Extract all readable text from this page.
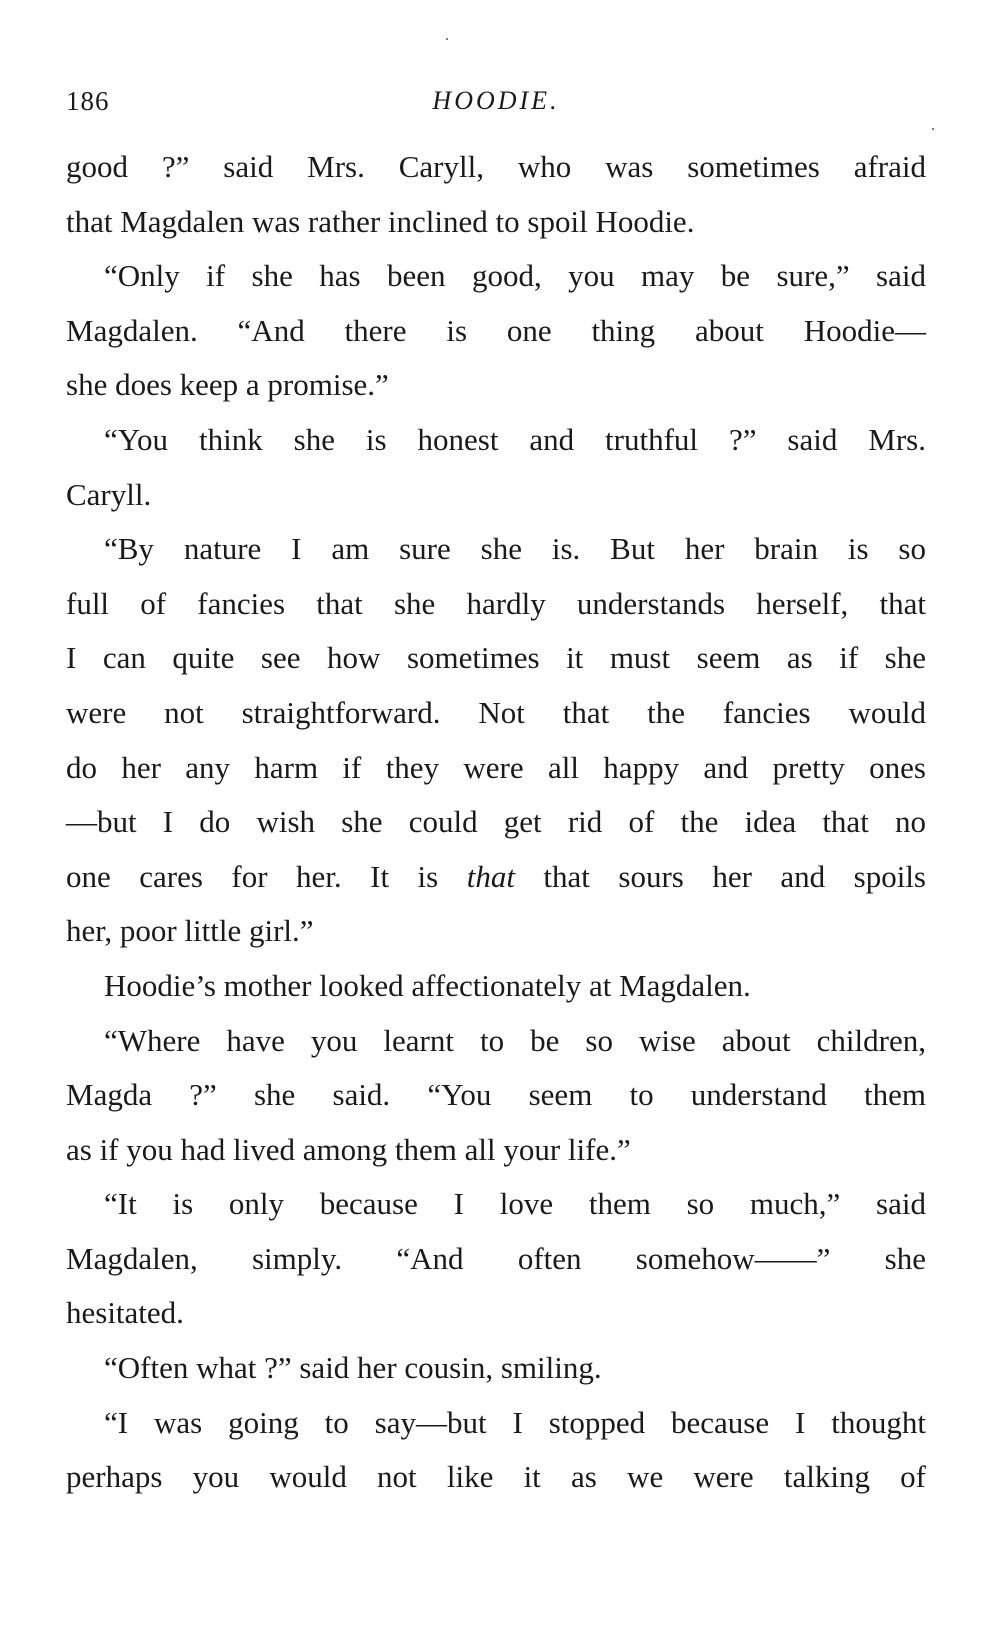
186	HOODIE.
good ?” said Mrs. Caryll, who was sometimes afraid
that Magdalen was rather inclined to spoil Hoodie.
“Only if she has been good, you may be sure,” said
Magdalen. “And there is one thing about Hoodie—
she does keep a promise.”
“You think she is honest and truthful ?” said Mrs.
Caryll.
“By nature I am sure she is. But her brain is so
full of fancies that she hardly understands herself, that
I can quite see how sometimes it must seem as if she
were not straightforward. Not that the fancies would
do her any harm if they were all happy and pretty ones
—but I do wish she could get rid of the idea that no
one cares for her. It is that that sours her and spoils
her, poor little girl.”
Hoodie’s mother looked affectionately at Magdalen.
“Where have you learnt to be so wise about children,
Magda ?” she said. “You seem to understand them
as if you had lived among them all your life.”
“It is only because I love them so much,” said
Magdalen, simply. “And often somehow——” she
hesitated.
“Often what ?” said her cousin, smiling.
“I was going to say—but I stopped because I thought
perhaps you would not like it as we were talking of
